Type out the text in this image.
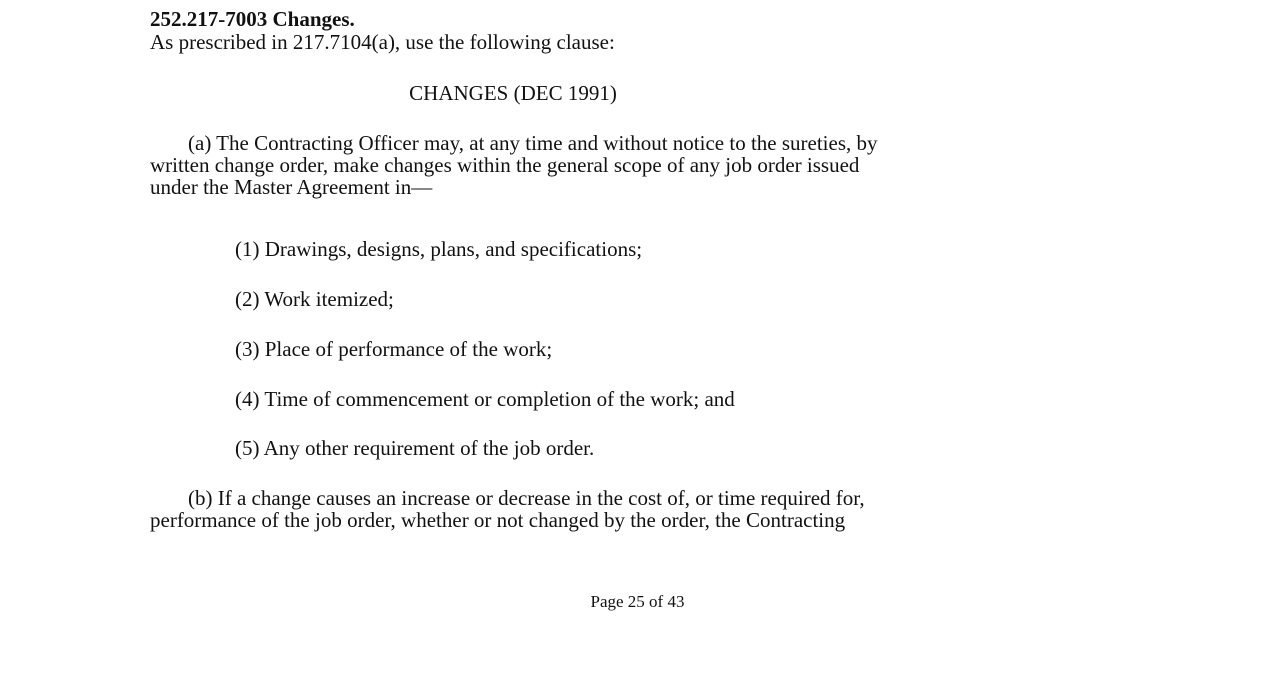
252.217-7003 Changes.
As prescribed in 217.7104(a), use the following clause:
CHANGES (DEC 1991)
(a) The Contracting Officer may, at any time and without notice to the sureties, by
written change order, make changes within the general scope of any job order issued
under the Master Agreement in—
(1) Drawings, designs, plans, and specifications;
(2) Work itemized;
(3) Place of performance of the work;
(4) Time of commencement or completion of the work; and
(5) Any other requirement of the job order.
(b) If a change causes an increase or decrease in the cost of, or time required for,
performance of the job order, whether or not changed by the order, the Contracting
Page 25 of 43
